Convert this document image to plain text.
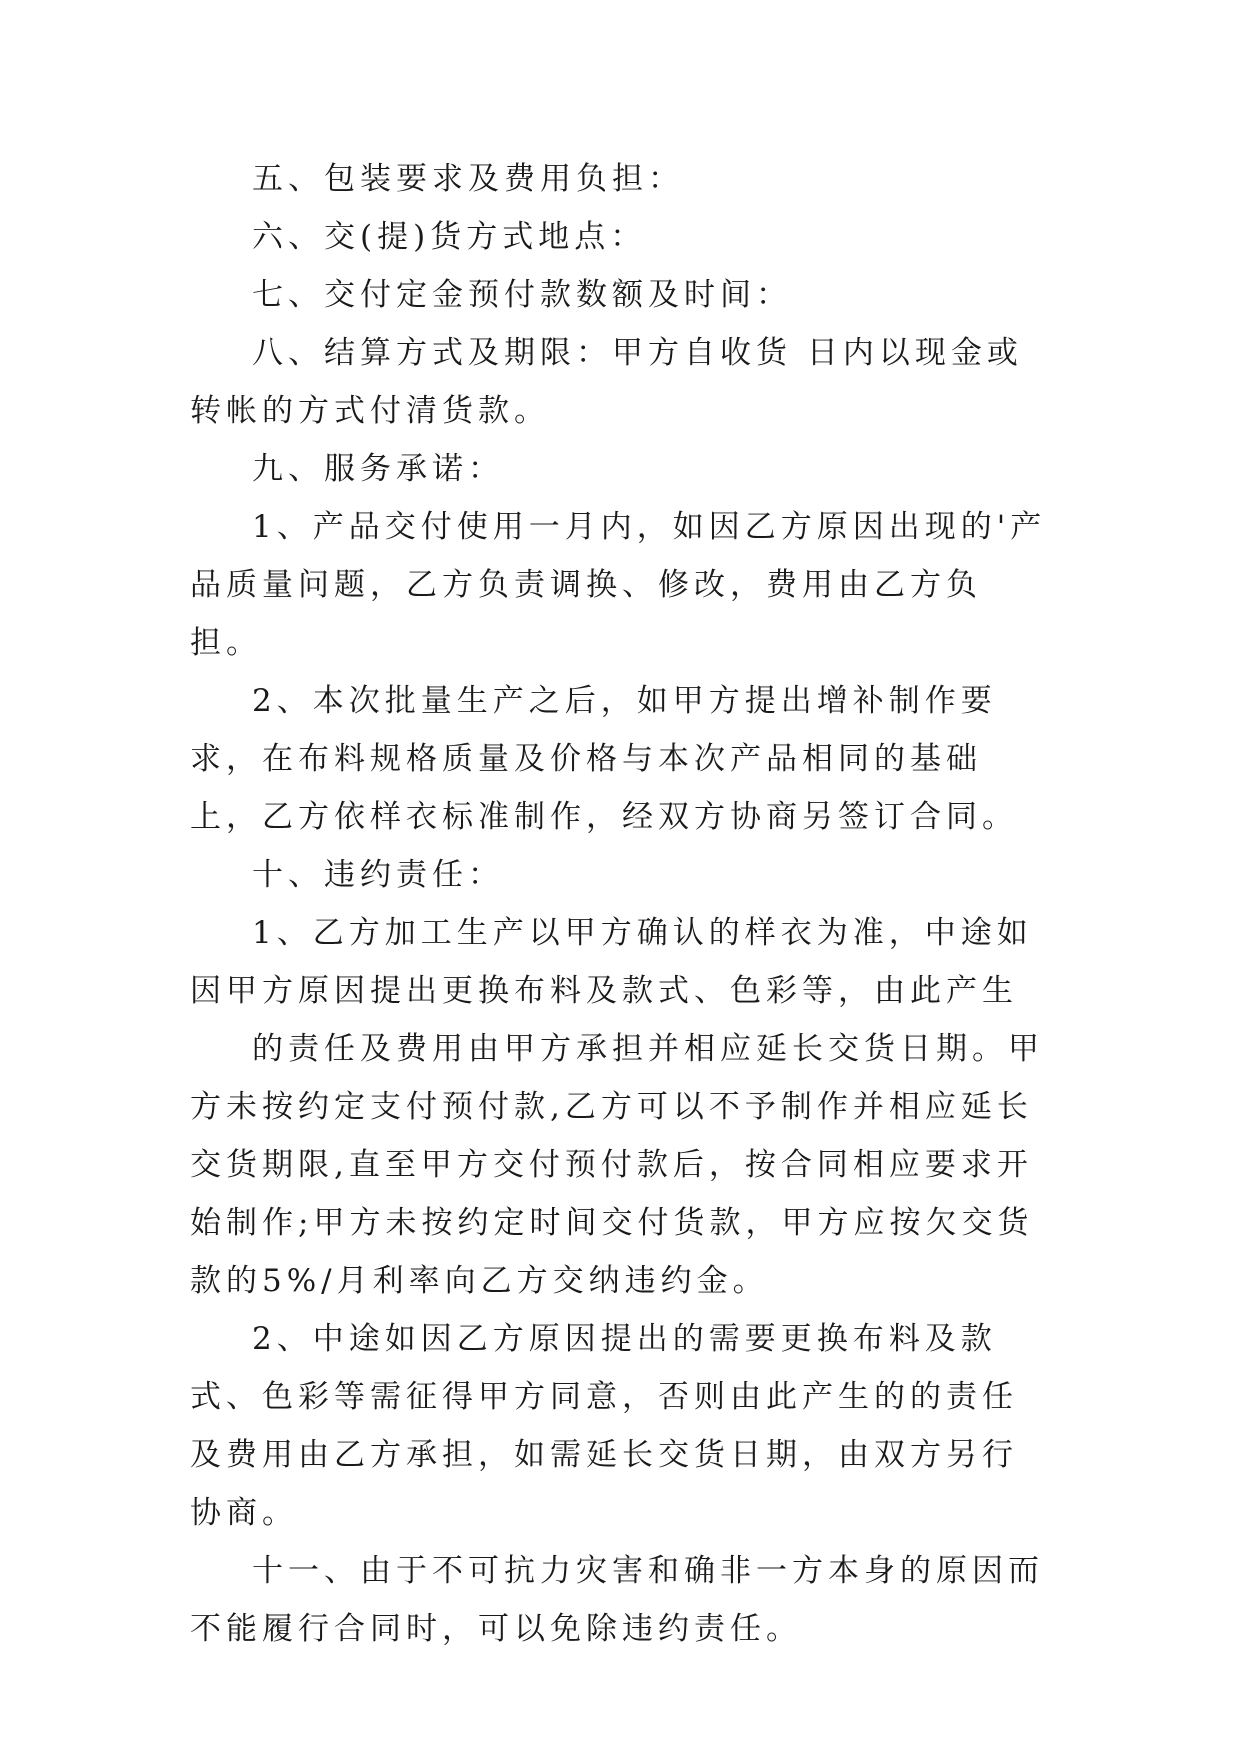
五、包装要求及费用负担：

六、交(提)货方式地点：

七、交付定金预付款数额及时间：

八、结算方式及期限：甲方自收货 日内以现金或转帐的方式付清货款。

九、服务承诺：

1、产品交付使用一月内，如因乙方原因出现的'产品质量问题，乙方负责调换、修改，费用由乙方负担。

2、本次批量生产之后，如甲方提出增补制作要求，在布料规格质量及价格与本次产品相同的基础上，乙方依样衣标准制作，经双方协商另签订合同。

十、违约责任：

1、乙方加工生产以甲方确认的样衣为准，中途如因甲方原因提出更换布料及款式、色彩等，由此产生

的责任及费用由甲方承担并相应延长交货日期。甲方未按约定支付预付款,乙方可以不予制作并相应延长交货期限,直至甲方交付预付款后，按合同相应要求开始制作;甲方未按约定时间交付货款，甲方应按欠交货款的5%/月利率向乙方交纳违约金。

2、中途如因乙方原因提出的需要更换布料及款式、色彩等需征得甲方同意，否则由此产生的的责任及费用由乙方承担，如需延长交货日期，由双方另行协商。

十一、由于不可抗力灾害和确非一方本身的原因而不能履行合同时，可以免除违约责任。
